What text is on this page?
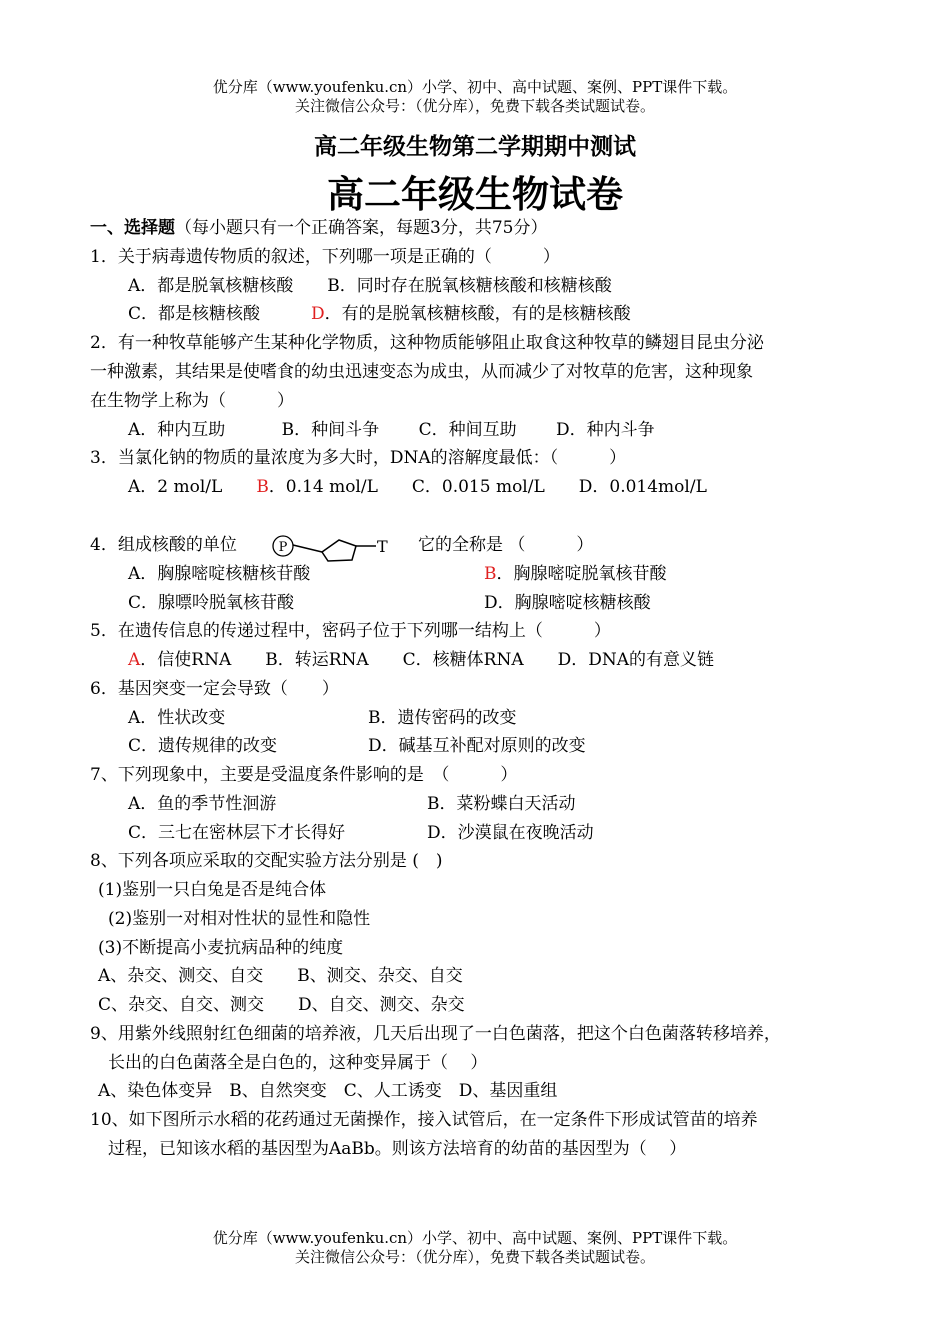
优分库（www.youfenku.cn）小学、初中、高中试题、案例、PPT课件下载。
关注微信公众号：（优分库），免费下载各类试题试卷。
高二年级生物第二学期期中测试
高二年级生物试卷
一、选择题（每小题只有一个正确答案，每题3分，共75分）
1．关于病毒遗传物质的叙述，下列哪一项是正确的（　　　）
A．都是脱氧核糖核酸　　B．同时存在脱氧核糖核酸和核糖核酸
C．都是核糖核酸　　　D．有的是脱氧核糖核酸，有的是核糖核酸
2．有一种牧草能够产生某种化学物质，这种物质能够阻止取食这种牧草的鳞翅目昆虫分泌
一种激素，其结果是使嗜食的幼虫迅速变态为成虫，从而减少了对牧草的危害，这种现象
在生物学上称为（　　　）
A．种内互助　　　 B．种间斗争　　 C．种间互助　　 D．种内斗争
3．当氯化钠的物质的量浓度为多大时，DNA的溶解度最低：（　　　）
A．2 mol/L　　B．0.14 mol/L　　C．0.015 mol/L　　D．0.014mol/L
4．组成核酸的单位	P	T 它的全称是 （　　　）
A．胸腺嘧啶核糖核苷酸	B．胸腺嘧啶脱氧核苷酸
C．腺嘌呤脱氧核苷酸	D．胸腺嘧啶核糖核酸
5．在遗传信息的传递过程中，密码子位于下列哪一结构上（　　　）
A．信使RNA　　B．转运RNA　　C．核糖体RNA　　D．DNA的有意义链
6．基因突变一定会导致（　　）
A．性状改变	B．遗传密码的改变
C．遗传规律的改变	D．碱基互补配对原则的改变
7、下列现象中，主要是受温度条件影响的是　（　　　）
A．鱼的季节性洄游	B．菜粉蝶白天活动
C．三七在密林层下才长得好	D．沙漠鼠在夜晚活动
8、下列各项应采取的交配实验方法分别是 (　)
(1)鉴别一只白兔是否是纯合体
(2)鉴别一对相对性状的显性和隐性
(3)不断提高小麦抗病品种的纯度
A、杂交、测交、自交　　B、测交、杂交、自交
C、杂交、自交、测交　　D、自交、测交、杂交
9、用紫外线照射红色细菌的培养液，几天后出现了一白色菌落，把这个白色菌落转移培养，
长出的白色菌落全是白色的，这种变异属于（　 ）
A、染色体变异　B、自然突变　C、人工诱变　D、基因重组
10、如下图所示水稻的花药通过无菌操作，接入试管后，在一定条件下形成试管苗的培养
过程，已知该水稻的基因型为AaBb。则该方法培育的幼苗的基因型为（　 ）
优分库（www.youfenku.cn）小学、初中、高中试题、案例、PPT课件下载。
关注微信公众号：（优分库），免费下载各类试题试卷。
